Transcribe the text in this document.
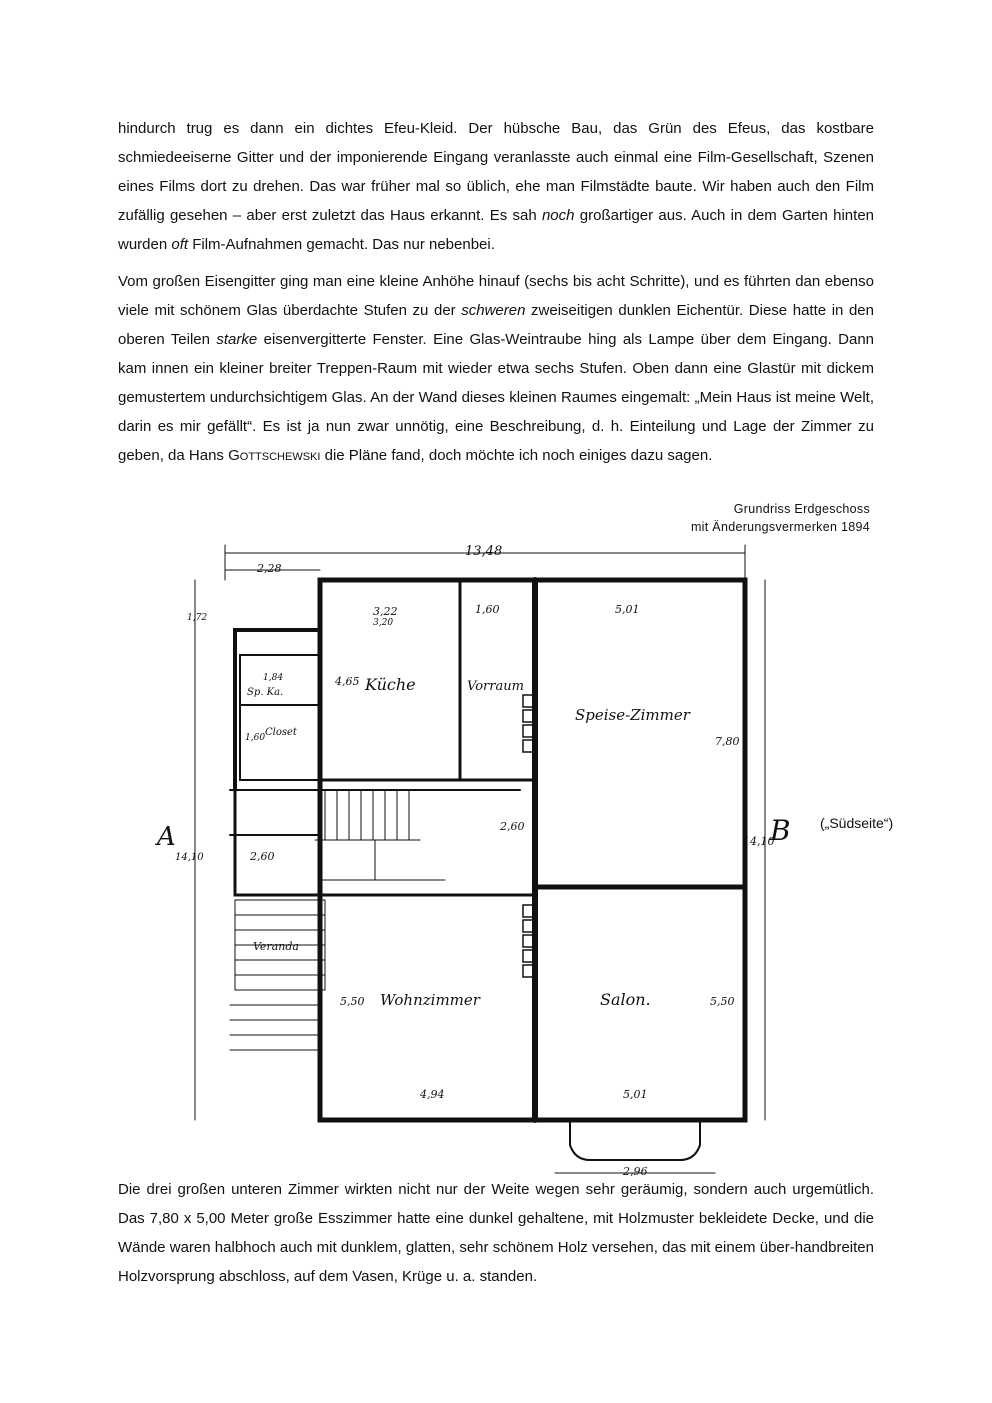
hindurch trug es dann ein dichtes Efeu-Kleid. Der hübsche Bau, das Grün des Efeus, das kostbare schmiedeeiserne Gitter und der imponierende Eingang veranlasste auch einmal eine Film-Gesellschaft, Szenen eines Films dort zu drehen. Das war früher mal so üblich, ehe man Filmstädte baute. Wir haben auch den Film zufällig gesehen – aber erst zuletzt das Haus erkannt. Es sah noch großartiger aus. Auch in dem Garten hinten wurden oft Film-Aufnahmen gemacht. Das nur nebenbei.

Vom großen Eisengitter ging man eine kleine Anhöhe hinauf (sechs bis acht Schritte), und es führten dan ebenso viele mit schönem Glas überdachte Stufen zu der schweren zweiseitigen dunklen Eichentür. Diese hatte in den oberen Teilen starke eisenvergitterte Fenster. Eine Glas-Weintraube hing als Lampe über dem Eingang. Dann kam innen ein kleiner breiter Treppen-Raum mit wieder etwa sechs Stufen. Oben dann eine Glastür mit dickem gemustertem undurchsichtigem Glas. An der Wand dieses kleinen Raumes eingemalt: „Mein Haus ist meine Welt, darin es mir gefällt“. Es ist ja nun zwar unnötig, eine Beschreibung, d. h. Einteilung und Lage der Zimmer zu geben, da Hans Gottschewski die Pläne fand, doch möchte ich noch einiges dazu sagen.

Grundriss Erdgeschoss
mit Änderungsvermerken 1894
(„Südseite“)
Küche	Vorraum
Speise-Zimmer
Wohnzimmer	Salon.
Sp. Ka.
Closet
Veranda
13,48
2,28
3,22
3,20
1,60	5,01
7,80
2,60
2,60
5,50	5,50
4,94	5,01
2,96
4,65
1,84
1,60
1,72
14,10
14,10
A	B

Die drei großen unteren Zimmer wirkten nicht nur der Weite wegen sehr geräumig, sondern auch urgemütlich. Das 7,80 x 5,00 Meter große Esszimmer hatte eine dunkel gehaltene, mit Holzmuster bekleidete Decke, und die Wände waren halbhoch auch mit dunklem, glatten, sehr schönem Holz versehen, das mit einem über-handbreiten Holzvorsprung abschloss, auf dem Vasen, Krüge u. a. standen.
